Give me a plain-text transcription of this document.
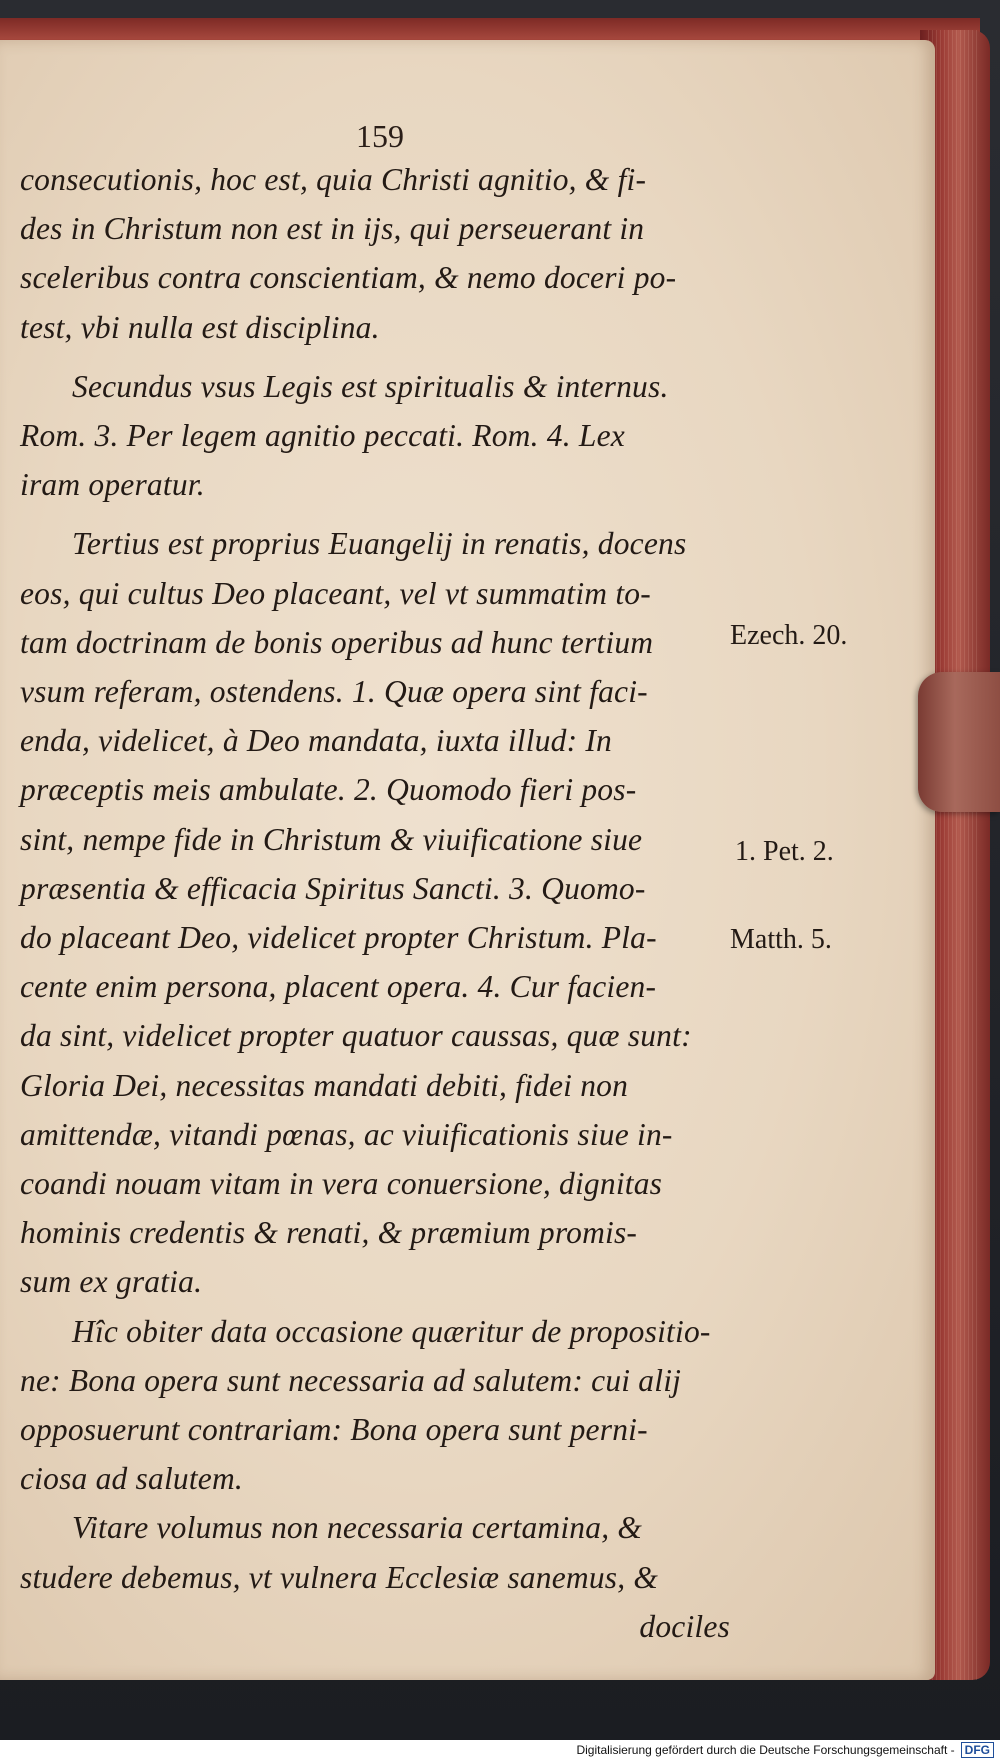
159

consecutionis, hoc est, quia Christi agnitio, & fi-

des in Christum non est in ijs, qui perseuerant in

sceleribus contra conscientiam, & nemo doceri po-

test, vbi nulla est disciplina.

Secundus vsus Legis est spiritualis & internus.

Rom. 3. Per legem agnitio peccati. Rom. 4. Lex

iram operatur.

Tertius est proprius Euangelij in renatis, docens

eos, qui cultus Deo placeant, vel vt summatim to-

tam doctrinam de bonis operibus ad hunc tertium

vsum referam, ostendens. 1. Quæ opera sint faci-

enda, videlicet, à Deo mandata, iuxta illud: In

præceptis meis ambulate. 2. Quomodo fieri pos-

sint, nempe fide in Christum & viuificatione siue

præsentia & efficacia Spiritus Sancti. 3. Quomo-

do placeant Deo, videlicet propter Christum. Pla-

cente enim persona, placent opera. 4. Cur facien-

da sint, videlicet propter quatuor caussas, quæ sunt:

Gloria Dei, necessitas mandati debiti, fidei non

amittendæ, vitandi pœnas, ac viuificationis siue in-

coandi nouam vitam in vera conuersione, dignitas

hominis credentis & renati, & præmium promis-

sum ex gratia.

Hîc obiter data occasione quæritur de propositio-

ne: Bona opera sunt necessaria ad salutem: cui alij

opposuerunt contrariam: Bona opera sunt perni-

ciosa ad salutem.

Vitare volumus non necessaria certamina, &

studere debemus, vt vulnera Ecclesiæ sanemus, &

dociles

Ezech. 20.
1. Pet. 2.
Matth. 5.
Digitalisierung gefördert durch die Deutsche Forschungsgemeinschaft - DFG
